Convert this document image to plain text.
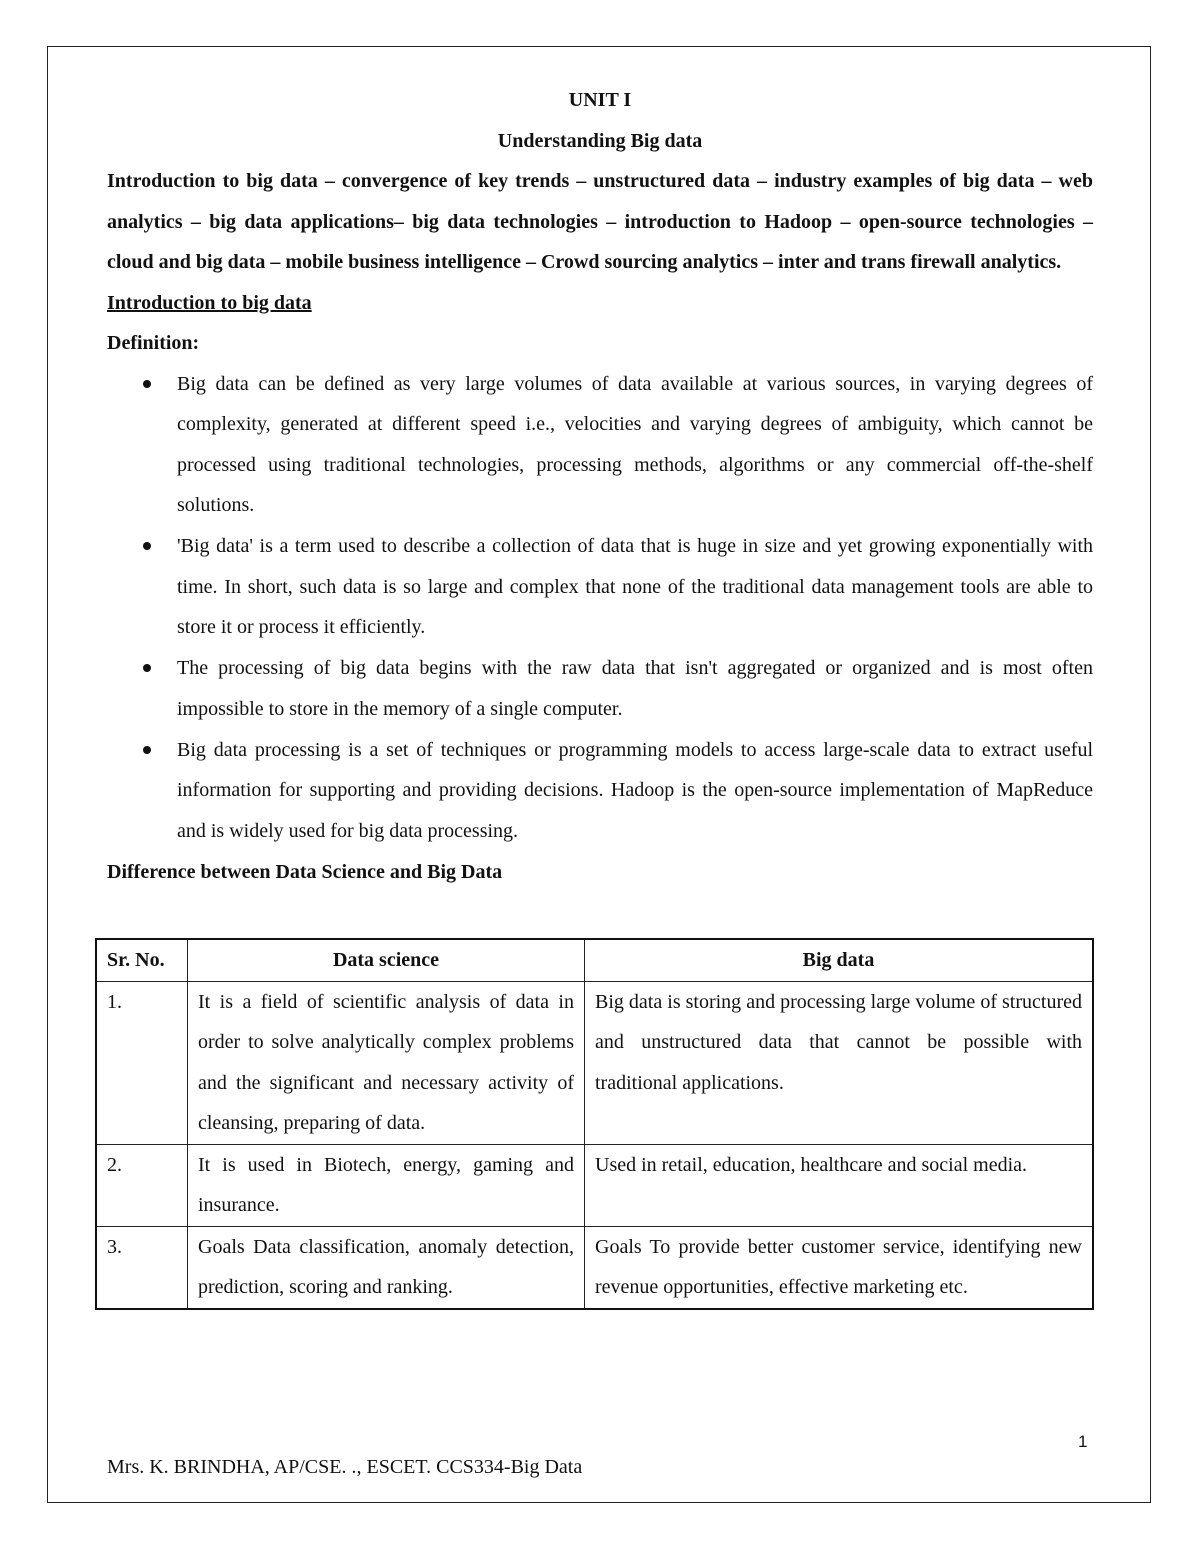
UNIT I

Understanding Big data

Introduction to big data – convergence of key trends – unstructured data – industry examples of big data – web analytics – big data applications– big data technologies – introduction to Hadoop – open-source technologies – cloud and big data – mobile business intelligence – Crowd sourcing analytics – inter and trans firewall analytics.

Introduction to big data

Definition:

Big data can be defined as very large volumes of data available at various sources, in varying degrees of complexity, generated at different speed i.e., velocities and varying degrees of ambiguity, which cannot be processed using traditional technologies, processing methods, algorithms or any commercial off-the-shelf solutions.
'Big data' is a term used to describe a collection of data that is huge in size and yet growing exponentially with time. In short, such data is so large and complex that none of the traditional data management tools are able to store it or process it efficiently.
The processing of big data begins with the raw data that isn't aggregated or organized and is most often impossible to store in the memory of a single computer.
Big data processing is a set of techniques or programming models to access large-scale data to extract useful information for supporting and providing decisions. Hadoop is the open-source implementation of MapReduce and is widely used for big data processing.

Difference between Data Science and Big Data

Sr. No.	Data science	Big data
1.	It is a field of scientific analysis of data in order to solve analytically complex problems and the significant and necessary activity of cleansing, preparing of data.	Big data is storing and processing large volume of structured and unstructured data that cannot be possible with traditional applications.
2.	It is used in Biotech, energy, gaming and insurance.	Used in retail, education, healthcare and social media.
3.	Goals Data classification, anomaly detection, prediction, scoring and ranking.	Goals To provide better customer service, identifying new revenue opportunities, effective marketing etc.
1
Mrs. K. BRINDHA, AP/CSE. ., ESCET. CCS334-Big Data
